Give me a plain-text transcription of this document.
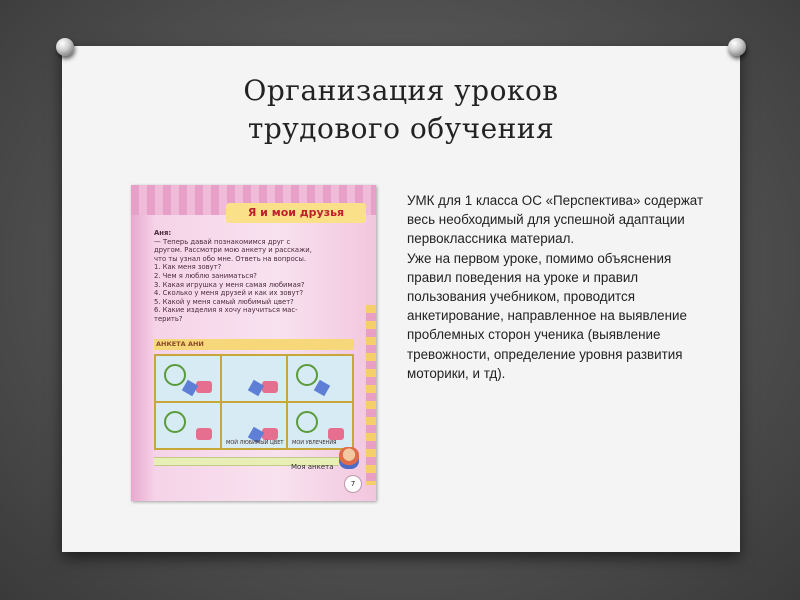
Организация уроков
трудового обучения
Я и мои друзья
Аня:
— Теперь давай познакомимся друг с
другом. Рассмотри мою анкету и расскажи,
что ты узнал обо мне. Ответь на вопросы.
1. Как меня зовут?
2. Чем я люблю заниматься?
3. Какая игрушка у меня самая любимая?
4. Сколько у меня друзей и как их зовут?
5. Какой у меня самый любимый цвет?
6. Какие изделия я хочу научиться мас-
терить?
АНКЕТА АНИ
МОЙ ЛЮБИМЫЙ ЦВЕТ МОИ УВЛЕЧЕНИЯ
Моя анкета
7

УМК для 1 класса ОС «Перспектива» содержат весь необходимый для успешной адаптации первоклассника материал.

Уже на первом уроке, помимо объяснения правил поведения на уроке и правил пользования учебником, проводится анкетирование, направленное на выявление проблемных сторон ученика (выявление тревожности, определение уровня развития моторики, и тд).
